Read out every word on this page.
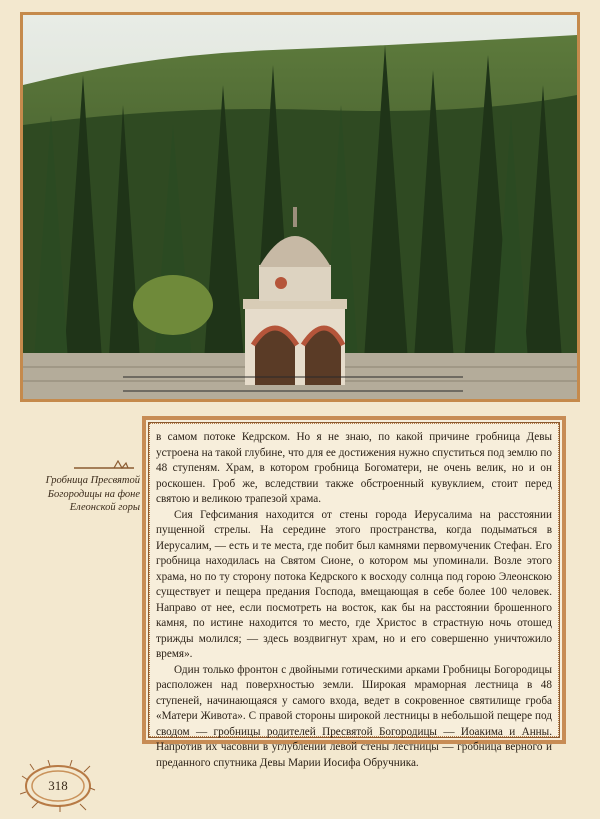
Гробница Пресвятой
Богородицы на фоне
Елеонской горы

в самом потоке Кедрском. Но я не знаю, по какой причине гробница Девы устроена на такой глубине, что для ее достижения нужно спуститься под землю по 48 ступеням. Храм, в котором гробница Богоматери, не очень велик, но и он роскошен. Гроб же, вследствии также обстроенный кувуклием, стоит перед святою и великою трапезой храма.

Сия Гефсимания находится от стены города Иерусалима на расстоянии пущенной стрелы. На середине этого пространства, когда подыматься в Иерусалим, — есть и те места, где побит был камнями первомученик Стефан. Его гробница находилась на Святом Сионе, о котором мы упоминали. Возле этого храма, но по ту сторону потока Кедрского к восходу солнца под горою Элеонскою существует и пещера предания Господа, вмещающая в себе более 100 человек. Направо от нее, если посмотреть на восток, как бы на расстоянии брошенного камня, по истине находится то место, где Христос в страстную ночь отошед трижды молился; — здесь воздвигнут храм, но и его совершенно уничтожило время».

Один только фронтон с двойными готическими арками Гробницы Богородицы расположен над поверхностью земли. Широкая мраморная лестница в 48 ступеней, начинающаяся у самого входа, ведет в сокровенное святилище гроба «Матери Живота». С правой стороны широкой лестницы в небольшой пещере под сводом — гробницы родителей Пресвятой Богородицы — Иоакима и Анны. Напротив их часовни в углублении левой стены лестницы — гробница верного и преданного спутника Девы Марии Иосифа Обручника.

318
